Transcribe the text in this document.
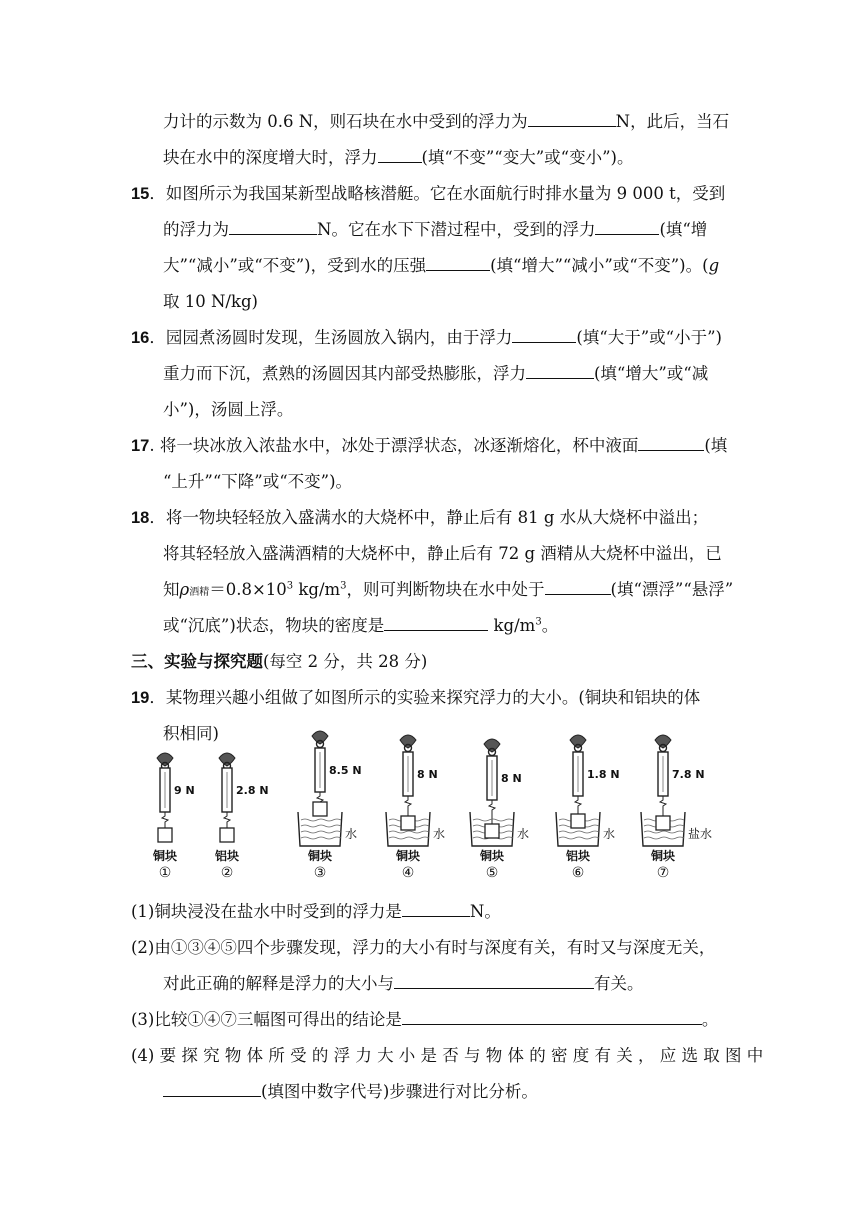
力计的示数为 0.6 N，则石块在水中受到的浮力为	N，此后，当石
块在水中的深度增大时，浮力	(填“不变”“变大”或“变小”)。
15．如图所示为我国某新型战略核潜艇。它在水面航行时排水量为 9 000 t，受到
的浮力为	N。它在水下下潜过程中，受到的浮力	(填“增
大”“减小”或“不变”)，受到水的压强	(填“增大”“减小”或“不变”)。(g
取 10 N/kg)
16．园园煮汤圆时发现，生汤圆放入锅内，由于浮力	(填“大于”或“小于”)
重力而下沉，煮熟的汤圆因其内部受热膨胀，浮力	(填“增大”或“减
小”)，汤圆上浮。
17. 将一块冰放入浓盐水中，冰处于漂浮状态，冰逐渐熔化，杯中液面	(填
“上升”“下降”或“不变”)。
18．将一物块轻轻放入盛满水的大烧杯中，静止后有 81 g 水从大烧杯中溢出；
将其轻轻放入盛满酒精的大烧杯中，静止后有 72 g 酒精从大烧杯中溢出，已
知ρ酒精$=0.8\times 10^3$ $kg/m^3$，则可判断物块在水中处于	(填“漂浮”“悬浮”
或“沉底”)状态，物块的密度是	$kg/m^3$。
三、实验与探究题(每空 2 分，共 28 分)
19．某物理兴趣小组做了如图所示的实验来探究浮力的大小。(铜块和铝块的体
积相同)
9 N
铜块
①
2.8 N
铝块
②
8.5 N
水
铜块
③
8 N
水
铜块
④
8 N
水
铜块
⑤
1.8 N
水
铝块
⑥
7.8 N
盐水
铜块
⑦
(1)铜块浸没在盐水中时受到的浮力是	N。
(2)由①③④⑤四个步骤发现，浮力的大小有时与深度有关，有时又与深度无关，
对此正确的解释是浮力的大小与	有关。
(3)比较①④⑦三幅图可得出的结论是	。
(4) 要 探 究 物 体 所 受 的 浮 力 大 小 是 否 与 物 体 的 密 度 有 关 ， 应 选 取 图 中
(填图中数字代号)步骤进行对比分析。
